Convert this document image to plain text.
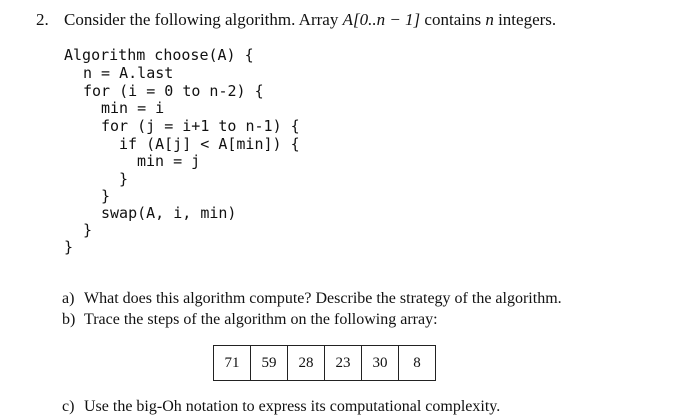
2. Consider the following algorithm. Array A[0..n − 1] contains n integers.
Algorithm choose(A) {
n = A.last
for (i = 0 to n-2) {
min = i
for (j = i+1 to n-1) {
if (A[j] < A[min]) {
min = j
}
}
swap(A, i, min)
}
}
a) What does this algorithm compute? Describe the strategy of the algorithm.
b) Trace the steps of the algorithm on the following array:
71	59	28	23	30	8
c) Use the big-Oh notation to express its computational complexity.
